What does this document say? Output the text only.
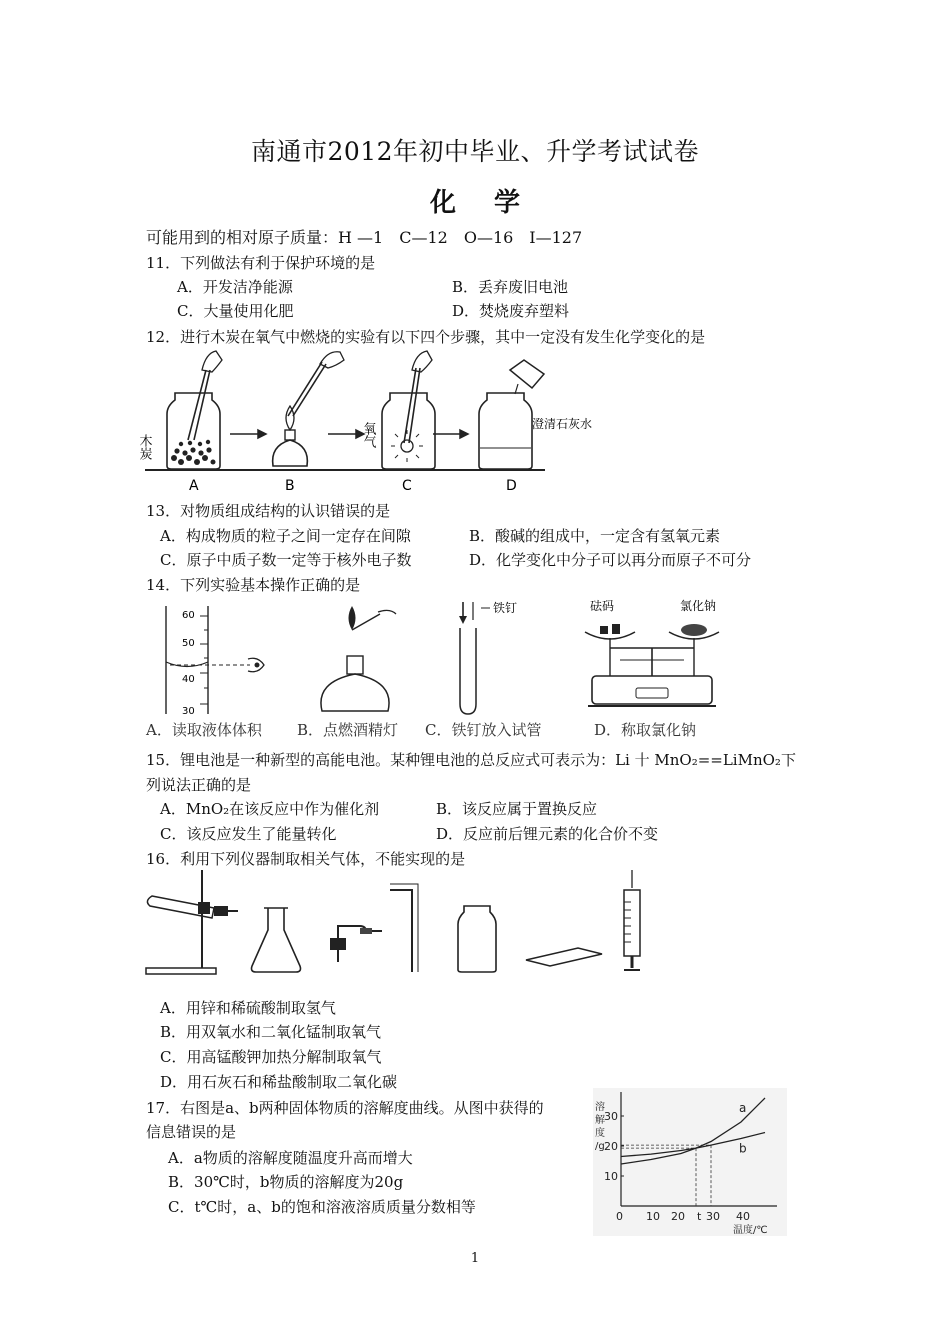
南通市2012年初中毕业、升学考试试卷
化学
可能用到的相对原子质量：H —1　C—12　O—16　I—127
11．下列做法有利于保护环境的是
A．开发洁净能源	B．丢弃废旧电池
C．大量使用化肥	D．焚烧废弃塑料
12．进行木炭在氧气中燃烧的实验有以下四个步骤，其中一定没有发生化学变化的是
木炭	氧气	澄清石灰水
A	B	C	D
13．对物质组成结构的认识错误的是
A．构成物质的粒子之间一定存在间隙	B．酸碱的组成中，一定含有氢氧元素
C．原子中质子数一定等于核外电子数	D．化学变化中分子可以再分而原子不可分
14．下列实验基本操作正确的是
60
50
40
30
铁钉	砝码	氯化钠
A．读取液体体积 B．点燃酒精灯 C．铁钉放入试管	D．称取氯化钠
15．锂电池是一种新型的高能电池。某种锂电池的总反应式可表示为：Li 十 MnO₂==LiMnO₂下
列说法正确的是
A．MnO₂在该反应中作为催化剂	B．该反应属于置换反应
C．该反应发生了能量转化	D．反应前后锂元素的化合价不变
16．利用下列仪器制取相关气体，不能实现的是
A．用锌和稀硫酸制取氢气
B．用双氧水和二氧化锰制取氧气
C．用高锰酸钾加热分解制取氧气
D．用石灰石和稀盐酸制取二氧化碳
17．右图是a、b两种固体物质的溶解度曲线。从图中获得的
信息错误的是
A．a物质的溶解度随温度升高而增大
B．30℃时，b物质的溶解度为20g
C．t℃时，a、b的饱和溶液溶质质量分数相等
0 10 20 t 30 40
10
20
30
a
b
溶
解
度
/g
温度/℃
1
